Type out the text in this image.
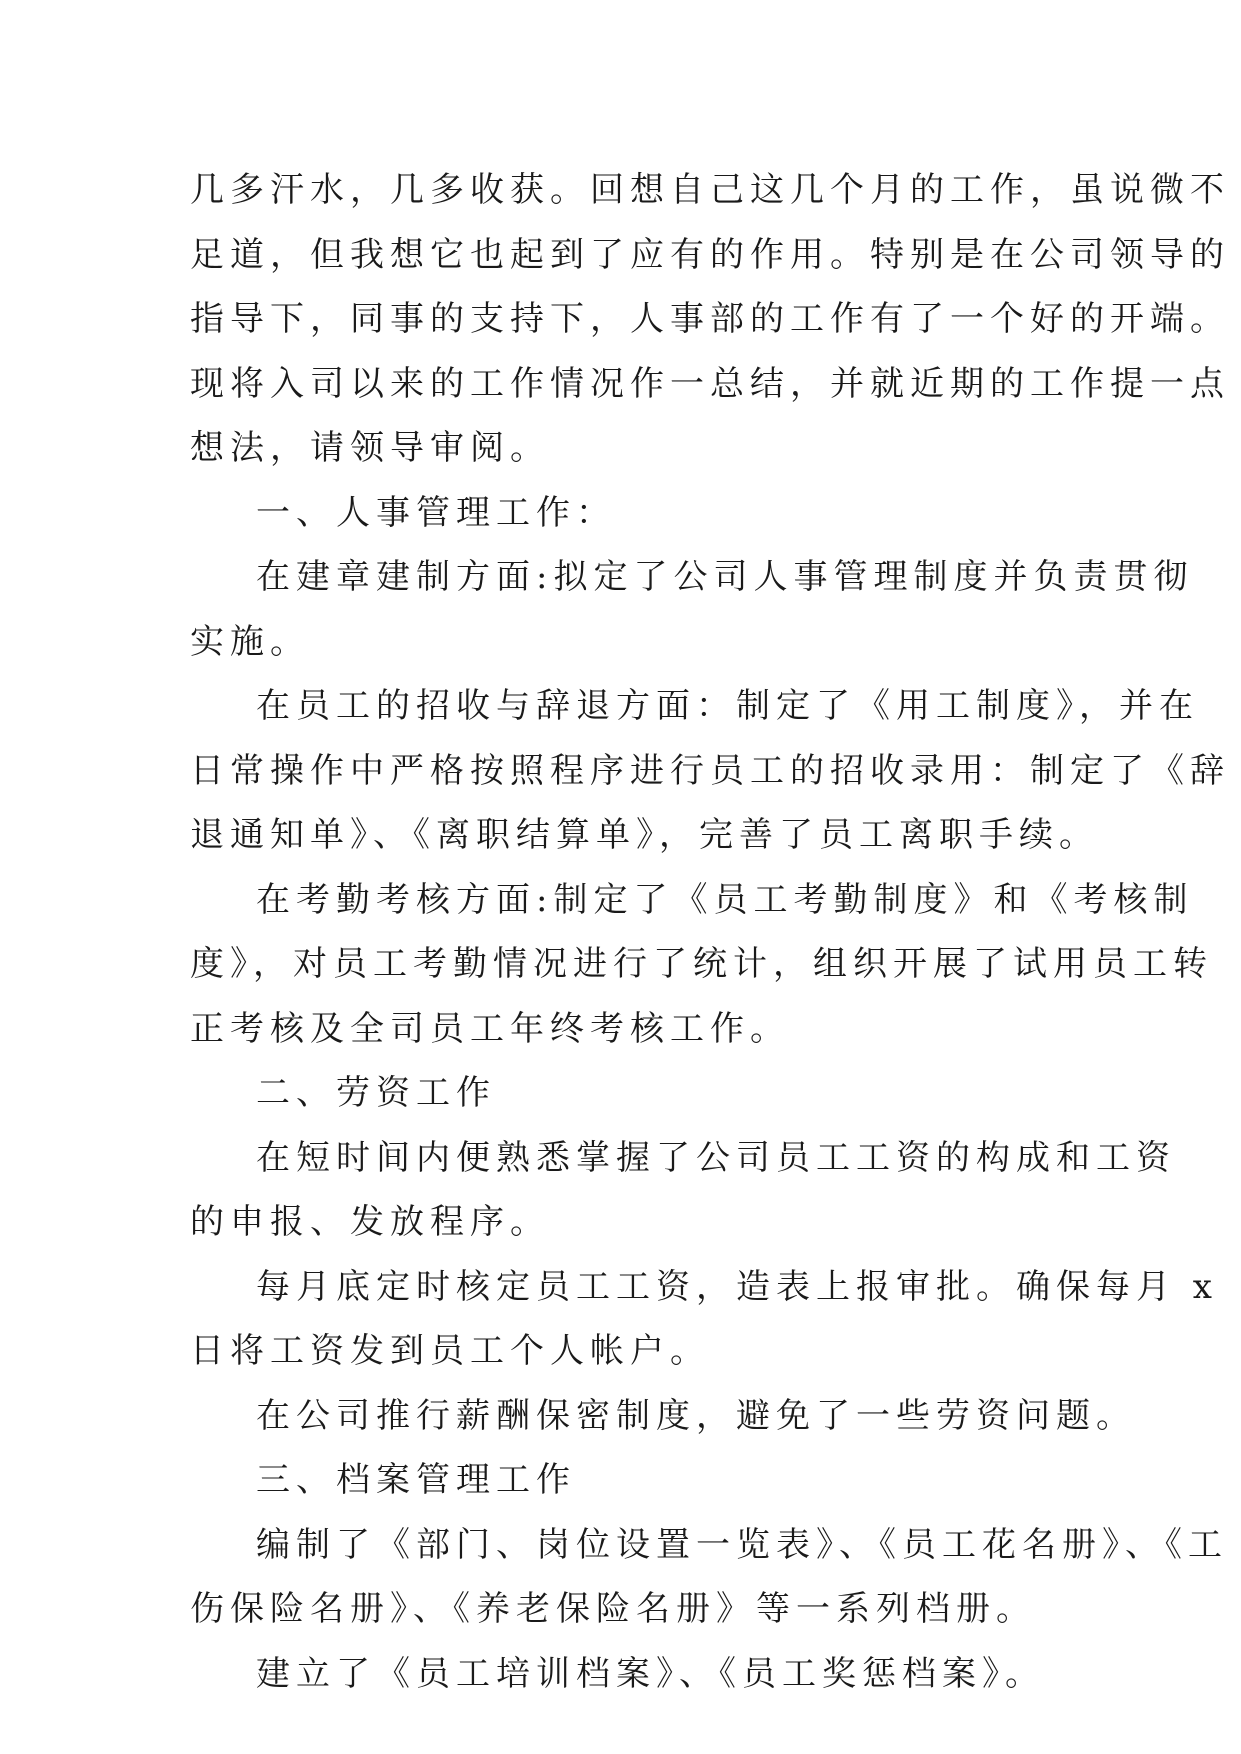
几多汗水，几多收获。回想自己这几个月的工作，虽说微不
足道，但我想它也起到了应有的作用。特别是在公司领导的
指导下，同事的支持下，人事部的工作有了一个好的开端。
现将入司以来的工作情况作一总结，并就近期的工作提一点
想法，请领导审阅。
一、人事管理工作：
在建章建制方面:拟定了公司人事管理制度并负责贯彻
实施。
在员工的招收与辞退方面：制定了《用工制度》，并在
日常操作中严格按照程序进行员工的招收录用：制定了《辞
退通知单》、《离职结算单》，完善了员工离职手续。
在考勤考核方面:制定了《员工考勤制度》和《考核制
度》，对员工考勤情况进行了统计，组织开展了试用员工转
正考核及全司员工年终考核工作。
二、劳资工作
在短时间内便熟悉掌握了公司员工工资的构成和工资
的申报、发放程序。
每月底定时核定员工工资，造表上报审批。确保每月 x
日将工资发到员工个人帐户。
在公司推行薪酬保密制度，避免了一些劳资问题。
三、档案管理工作
编制了《部门、岗位设置一览表》、《员工花名册》、《工
伤保险名册》、《养老保险名册》等一系列档册。
建立了《员工培训档案》、《员工奖惩档案》。
